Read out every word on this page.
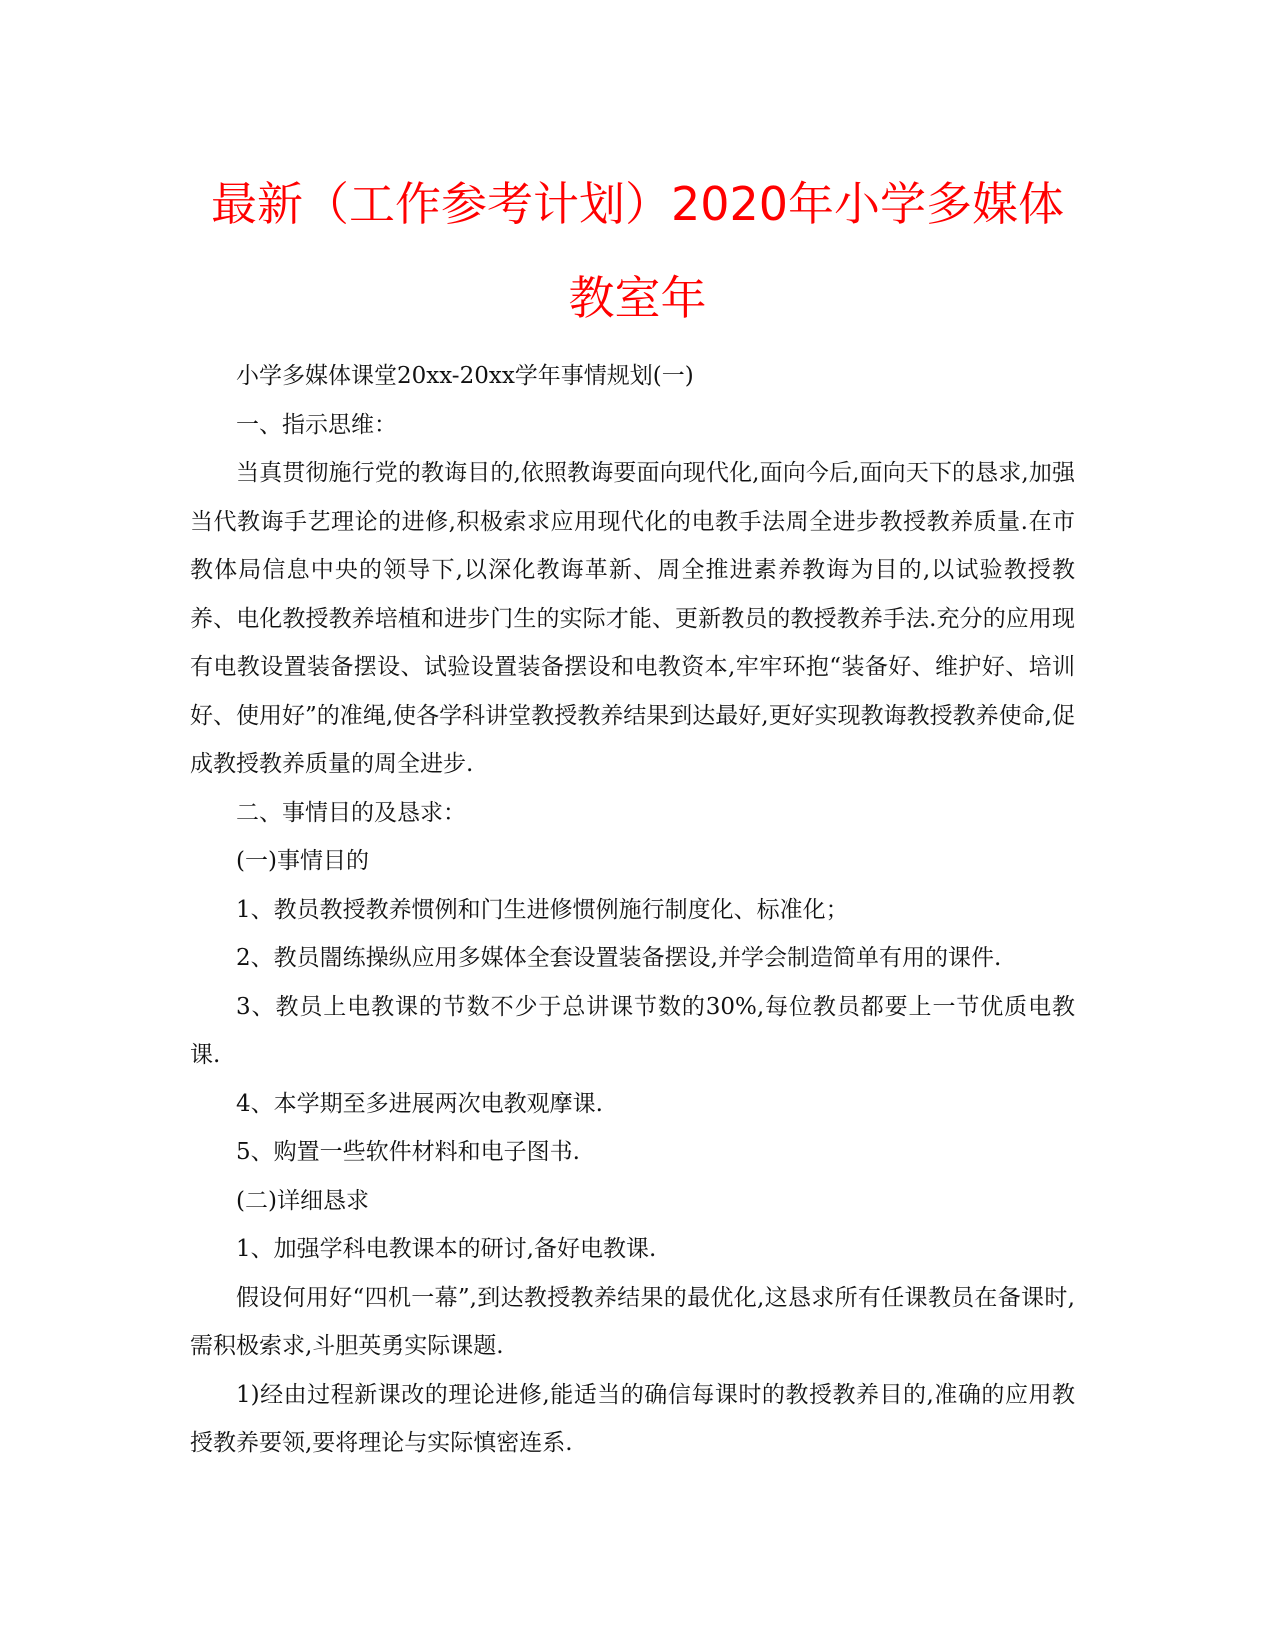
最新（工作参考计划）2020年小学多媒体
教室年

小学多媒体课堂20xx-20xx学年事情规划(一)

一、指示思维：

当真贯彻施行党的教诲目的,依照教诲要面向现代化,面向今后,面向天下的恳求,加强当代教诲手艺理论的进修,积极索求应用现代化的电教手法周全进步教授教养质量.在市教体局信息中央的领导下,以深化教诲革新、周全推进素养教诲为目的,以试验教授教养、电化教授教养培植和进步门生的实际才能、更新教员的教授教养手法.充分的应用现有电教设置装备摆设、试验设置装备摆设和电教资本,牢牢环抱“装备好、维护好、培训好、使用好”的准绳,使各学科讲堂教授教养结果到达最好,更好实现教诲教授教养使命,促成教授教养质量的周全进步.

二、事情目的及恳求：

(一)事情目的

1、教员教授教养惯例和门生进修惯例施行制度化、标准化；

2、教员闇练操纵应用多媒体全套设置装备摆设,并学会制造简单有用的课件.

3、教员上电教课的节数不少于总讲课节数的30%,每位教员都要上一节优质电教课.

4、本学期至多进展两次电教观摩课.

5、购置一些软件材料和电子图书.

(二)详细恳求

1、加强学科电教课本的研讨,备好电教课.

假设何用好“四机一幕”,到达教授教养结果的最优化,这恳求所有任课教员在备课时,需积极索求,斗胆英勇实际课题.

1)经由过程新课改的理论进修,能适当的确信每课时的教授教养目的,准确的应用教授教养要领,要将理论与实际慎密连系.
